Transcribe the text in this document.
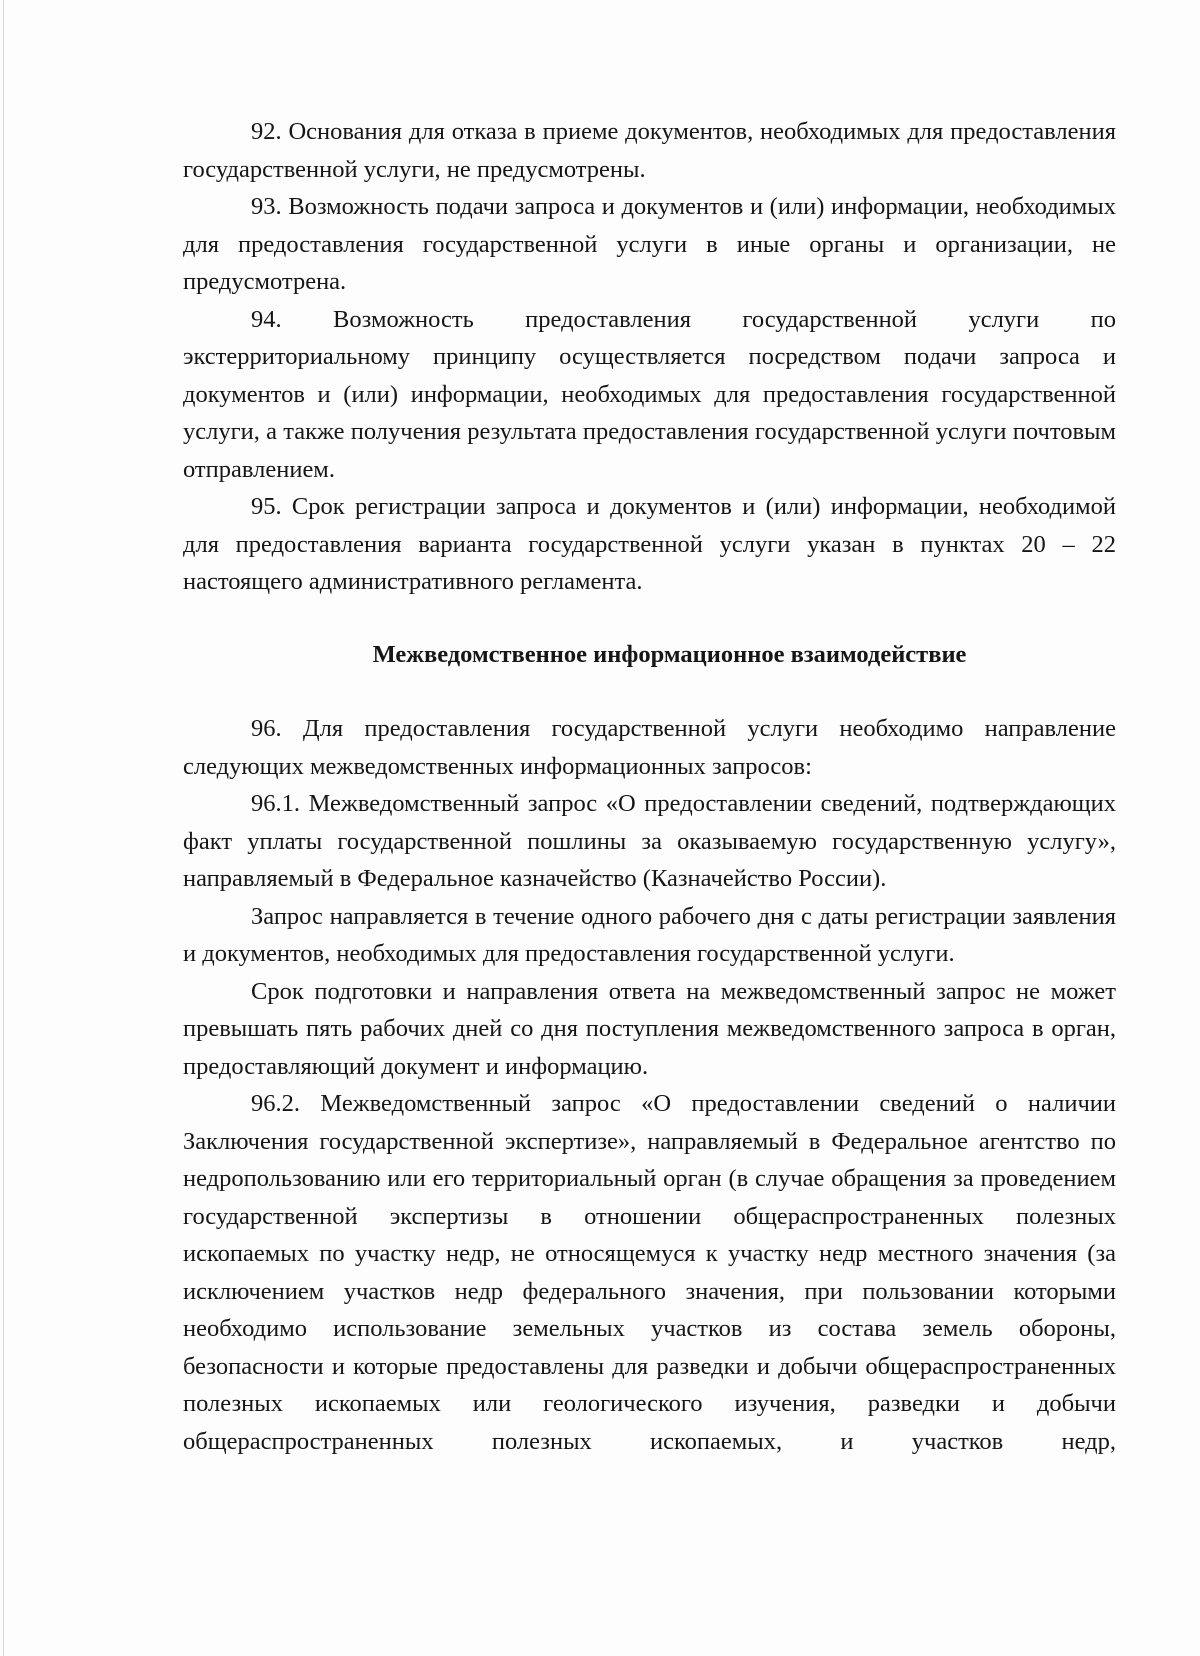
92. Основания для отказа в приеме документов, необходимых для предоставления государственной услуги, не предусмотрены.

93. Возможность подачи запроса и документов и (или) информации, необходимых для предоставления государственной услуги в иные органы и организации, не предусмотрена.

94. Возможность предоставления государственной услуги по экстерриториальному принципу осуществляется посредством подачи запроса и документов и (или) информации, необходимых для предоставления государственной услуги, а также получения результата предоставления государственной услуги почтовым отправлением.

95. Срок регистрации запроса и документов и (или) информации, необходимой для предоставления варианта государственной услуги указан в пунктах 20 – 22 настоящего административного регламента.

Межведомственное информационное взаимодействие

96. Для предоставления государственной услуги необходимо направление следующих межведомственных информационных запросов:

96.1. Межведомственный запрос «О предоставлении сведений, подтверждающих факт уплаты государственной пошлины за оказываемую государственную услугу», направляемый в Федеральное казначейство (Казначейство России).

Запрос направляется в течение одного рабочего дня с даты регистрации заявления и документов, необходимых для предоставления государственной услуги.

Срок подготовки и направления ответа на межведомственный запрос не может превышать пять рабочих дней со дня поступления межведомственного запроса в орган, предоставляющий документ и информацию.

96.2. Межведомственный запрос «О предоставлении сведений о наличии Заключения государственной экспертизе», направляемый в Федеральное агентство по недропользованию или его территориальный орган (в случае обращения за проведением государственной экспертизы в отношении общераспространенных полезных ископаемых по участку недр, не относящемуся к участку недр местного значения (за исключением участков недр федерального значения, при пользовании которыми необходимо использование земельных участков из состава земель обороны, безопасности и которые предоставлены для разведки и добычи общераспространенных полезных ископаемых или геологического изучения, разведки и добычи общераспространенных полезных ископаемых, и участков недр,
